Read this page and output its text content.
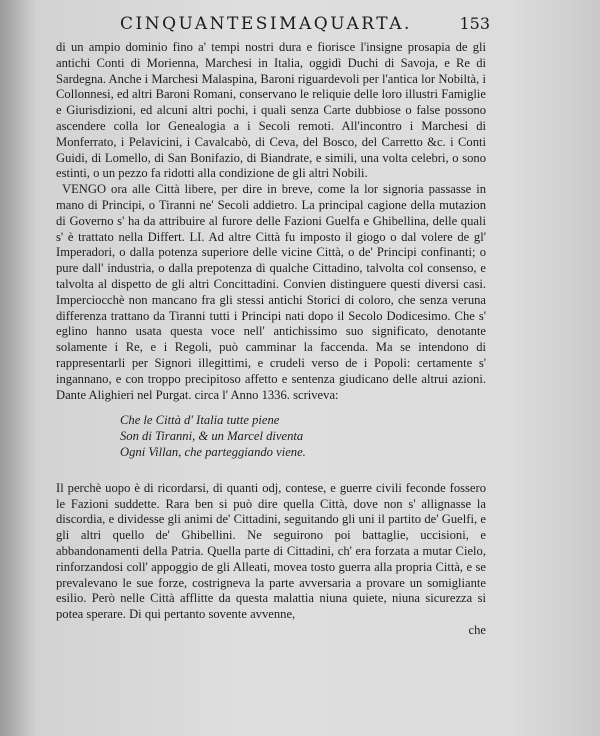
CINQUANTESIMAQUARTA.	153

di un ampio dominio fino a' tempi nostri dura e fiorisce l'insigne prosapia de gli antichi Conti di Morienna, Marchesi in Italia, oggidì Duchi di Savoja, e Re di Sardegna. Anche i Marchesi Malaspina, Baroni riguardevoli per l'antica lor Nobiltà, i Collonnesi, ed altri Baroni Romani, conservano le reliquie delle loro illustri Famiglie e Giurisdizioni, ed alcuni altri pochi, i quali senza Carte dubbiose o false possono ascendere colla lor Genealogia a i Secoli remoti. All'incontro i Marchesi di Monferrato, i Pelavicini, i Cavalcabò, di Ceva, del Bosco, del Carretto &c. i Conti Guidi, di Lomello, di San Bonifazio, di Biandrate, e simili, una volta celebri, o sono estinti, o un pezzo fa ridotti alla condizione de gli altri Nobili.

VENGO ora alle Città libere, per dire in breve, come la lor signoria passasse in mano di Principi, o Tiranni ne' Secoli addietro. La principal cagione della mutazion di Governo s' ha da attribuire al furore delle Fazioni Guelfa e Ghibellina, delle quali s' è trattato nella Differt. LI. Ad altre Città fu imposto il giogo o dal volere de gl' Imperadori, o dalla potenza superiore delle vicine Città, o de' Principi confinanti; o pure dall' industria, o dalla prepotenza di qualche Cittadino, talvolta col consenso, e talvolta al dispetto de gli altri Concittadini. Convien distinguere questi diversi casi. Imperciocchè non mancano fra gli stessi antichi Storici di coloro, che senza veruna differenza trattano da Tiranni tutti i Principi nati dopo il Secolo Dodicesimo. Che s' eglino hanno usata questa voce nell' antichissimo suo significato, denotante solamente i Re, e i Regoli, può camminar la faccenda. Ma se intendono di rappresentarli per Signori illegittimi, e crudeli verso de i Popoli: certamente s' ingannano, e con troppo precipitoso affetto e sentenza giudicano delle altrui azioni. Dante Alighieri nel Purgat. circa l' Anno 1336. scriveva:

Che le Città d' Italia tutte piene
Son di Tiranni, & un Marcel diventa
Ogni Villan, che parteggiando viene.

Il perchè uopo è di ricordarsi, di quanti odj, contese, e guerre civili feconde fossero le Fazioni suddette. Rara ben si può dire quella Città, dove non s' allignasse la discordia, e dividesse gli animi de' Cittadini, seguitando gli uni il partito de' Guelfi, e gli altri quello de' Ghibellini. Ne seguirono poi battaglie, uccisioni, e abbandonamenti della Patria. Quella parte di Cittadini, ch' era forzata a mutar Cielo, rinforzandosi coll' appoggio de gli Alleati, movea tosto guerra alla propria Città, e se prevalevano le sue forze, costrigneva la parte avversaria a provare un somigliante esilio. Però nelle Città afflitte da questa malattia niuna quiete, niuna sicurezza si potea sperare. Di qui pertanto sovente avvenne,

che
